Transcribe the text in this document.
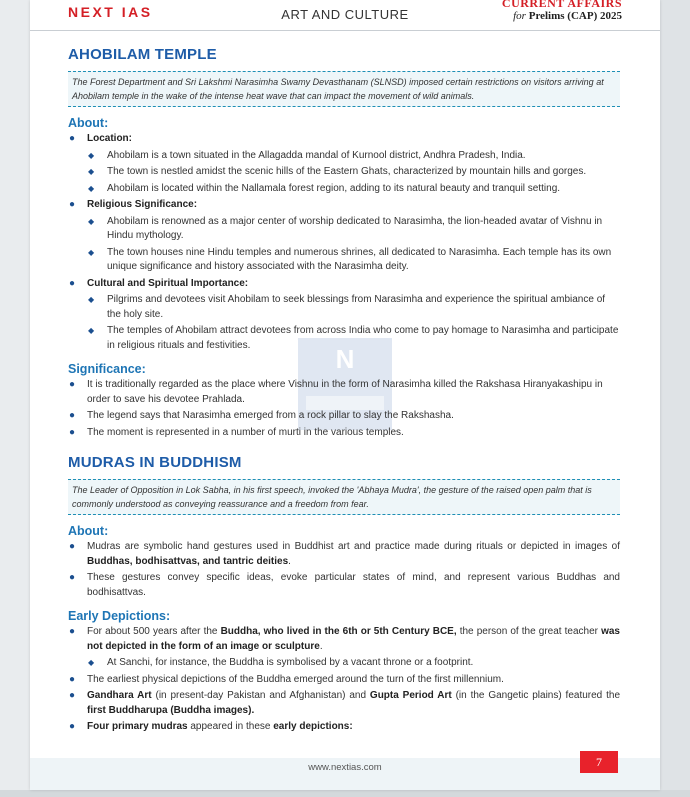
NEXT IAS	ART AND CULTURE
CURRENT AFFAIRS
for Prelims (CAP) 2025
N
AHOBILAM TEMPLE
The Forest Department and Sri Lakshmi Narasimha Swamy Devasthanam (SLNSD) imposed certain restrictions on visitors arriving at Ahobilam temple in the wake of the intense heat wave that can impact the movement of wild animals.
About:
● Location:
◆ Ahobilam is a town situated in the Allagadda mandal of Kurnool district, Andhra Pradesh, India.
◆ The town is nestled amidst the scenic hills of the Eastern Ghats, characterized by mountain hills and gorges.
◆ Ahobilam is located within the Nallamala forest region, adding to its natural beauty and tranquil setting.
● Religious Significance:
◆ Ahobilam is renowned as a major center of worship dedicated to Narasimha, the lion-headed avatar of Vishnu in Hindu mythology.
◆ The town houses nine Hindu temples and numerous shrines, all dedicated to Narasimha. Each temple has its own unique significance and history associated with the Narasimha deity.
● Cultural and Spiritual Importance:
◆ Pilgrims and devotees visit Ahobilam to seek blessings from Narasimha and experience the spiritual ambiance of the holy site.
◆ The temples of Ahobilam attract devotees from across India who come to pay homage to Narasimha and participate in religious rituals and festivities.
Significance:
● It is traditionally regarded as the place where Vishnu in the form of Narasimha killed the Rakshasa Hiranyakashipu in order to save his devotee Prahlada.
● The legend says that Narasimha emerged from a rock pillar to slay the Rakshasha.
● The moment is represented in a number of murti in the various temples.
MUDRAS IN BUDDHISM
The Leader of Opposition in Lok Sabha, in his first speech, invoked the 'Abhaya Mudra', the gesture of the raised open palm that is commonly understood as conveying reassurance and a freedom from fear.
About:
● Mudras are symbolic hand gestures used in Buddhist art and practice made during rituals or depicted in images of Buddhas, bodhisattvas, and tantric deities.
● These gestures convey specific ideas, evoke particular states of mind, and represent various Buddhas and bodhisattvas.
Early Depictions:
● For about 500 years after the Buddha, who lived in the 6th or 5th Century BCE, the person of the great teacher was not depicted in the form of an image or sculpture.
◆ At Sanchi, for instance, the Buddha is symbolised by a vacant throne or a footprint.
● The earliest physical depictions of the Buddha emerged around the turn of the first millennium.
● Gandhara Art (in present-day Pakistan and Afghanistan) and Gupta Period Art (in the Gangetic plains) featured the first Buddharupa (Buddha images).
● Four primary mudras appeared in these early depictions:
www.nextias.com	7
